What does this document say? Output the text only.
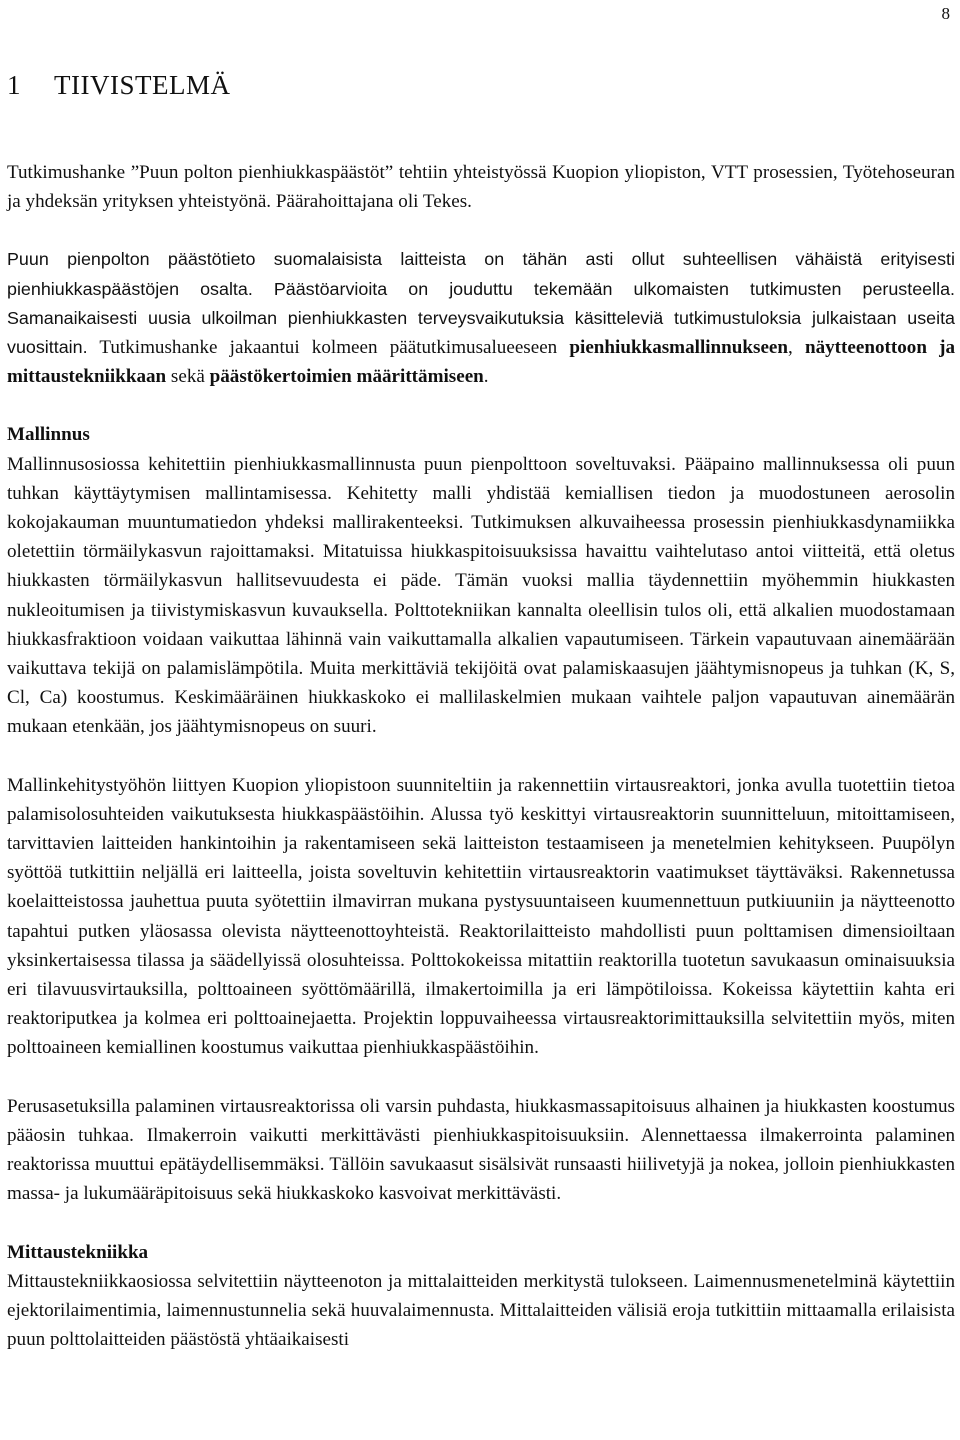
8
1 TIIVISTELMÄ

Tutkimushanke ”Puun polton pienhiukkaspäästöt” tehtiin yhteistyössä Kuopion yliopiston, VTT prosessien, Työtehoseuran ja yhdeksän yrityksen yhteistyönä. Päärahoittajana oli Tekes.

Puun pienpolton päästötieto suomalaisista laitteista on tähän asti ollut suhteellisen vähäistä erityisesti pienhiukkaspäästöjen osalta. Päästöarvioita on jouduttu tekemään ulkomaisten tutkimusten perusteella. Samanaikaisesti uusia ulkoilman pienhiukkasten terveysvaikutuksia käsitteleviä tutkimustuloksia julkaistaan useita vuosittain. Tutkimushanke jakaantui kolmeen päätutkimusalueeseen pienhiukkasmallinnukseen, näytteenottoon ja mittaustekniikkaan sekä päästökertoimien määrittämiseen.

Mallinnus

Mallinnusosiossa kehitettiin pienhiukkasmallinnusta puun pienpolttoon soveltuvaksi. Pääpaino mallinnuksessa oli puun tuhkan käyttäytymisen mallintamisessa. Kehitetty malli yhdistää kemiallisen tiedon ja muodostuneen aerosolin kokojakauman muuntumatiedon yhdeksi mallirakenteeksi. Tutkimuksen alkuvaiheessa prosessin pienhiukkasdynamiikka oletettiin törmäilykasvun rajoittamaksi. Mitatuissa hiukkaspitoisuuksissa havaittu vaihtelutaso antoi viitteitä, että oletus hiukkasten törmäilykasvun hallitsevuudesta ei päde. Tämän vuoksi mallia täydennettiin myöhemmin hiukkasten nukleoitumisen ja tiivistymiskasvun kuvauksella. Polttotekniikan kannalta oleellisin tulos oli, että alkalien muodostamaan hiukkasfraktioon voidaan vaikuttaa lähinnä vain vaikuttamalla alkalien vapautumiseen. Tärkein vapautuvaan ainemäärään vaikuttava tekijä on palamislämpötila. Muita merkittäviä tekijöitä ovat palamiskaasujen jäähtymisnopeus ja tuhkan (K, S, Cl, Ca) koostumus. Keskimääräinen hiukkaskoko ei mallilaskelmien mukaan vaihtele paljon vapautuvan ainemäärän mukaan etenkään, jos jäähtymisnopeus on suuri.

Mallinkehitystyöhön liittyen Kuopion yliopistoon suunniteltiin ja rakennettiin virtausreaktori, jonka avulla tuotettiin tietoa palamisolosuhteiden vaikutuksesta hiukkaspäästöihin. Alussa työ keskittyi virtausreaktorin suunnitteluun, mitoittamiseen, tarvittavien laitteiden hankintoihin ja rakentamiseen sekä laitteiston testaamiseen ja menetelmien kehitykseen. Puupölyn syöttöä tutkittiin neljällä eri laitteella, joista soveltuvin kehitettiin virtausreaktorin vaatimukset täyttäväksi. Rakennetussa koelaitteistossa jauhettua puuta syötettiin ilmavirran mukana pystysuuntaiseen kuumennettuun putkiuuniin ja näytteenotto tapahtui putken yläosassa olevista näytteenottoyhteistä. Reaktorilaitteisto mahdollisti puun polttamisen dimensioiltaan yksinkertaisessa tilassa ja säädellyissä olosuhteissa. Polttokokeissa mitattiin reaktorilla tuotetun savukaasun ominaisuuksia eri tilavuusvirtauksilla, polttoaineen syöttömäärillä, ilmakertoimilla ja eri lämpötiloissa. Kokeissa käytettiin kahta eri reaktoriputkea ja kolmea eri polttoainejaetta. Projektin loppuvaiheessa virtausreaktorimittauksilla selvitettiin myös, miten polttoaineen kemiallinen koostumus vaikuttaa pienhiukkaspäästöihin.

Perusasetuksilla palaminen virtausreaktorissa oli varsin puhdasta, hiukkasmassapitoisuus alhainen ja hiukkasten koostumus pääosin tuhkaa. Ilmakerroin vaikutti merkittävästi pienhiukkaspitoisuuksiin. Alennettaessa ilmakerrointa palaminen reaktorissa muuttui epätäydellisemmäksi. Tällöin savukaasut sisälsivät runsaasti hiilivetyjä ja nokea, jolloin pienhiukkasten massa- ja lukumääräpitoisuus sekä hiukkaskoko kasvoivat merkittävästi.

Mittaustekniikka

Mittaustekniikkaosiossa selvitettiin näytteenoton ja mittalaitteiden merkitystä tulokseen. Laimennusmenetelminä käytettiin ejektorilaimentimia, laimennustunnelia sekä huuvalaimennusta. Mittalaitteiden välisiä eroja tutkittiin mittaamalla erilaisista puun polttolaitteiden päästöstä yhtäaikaisesti
